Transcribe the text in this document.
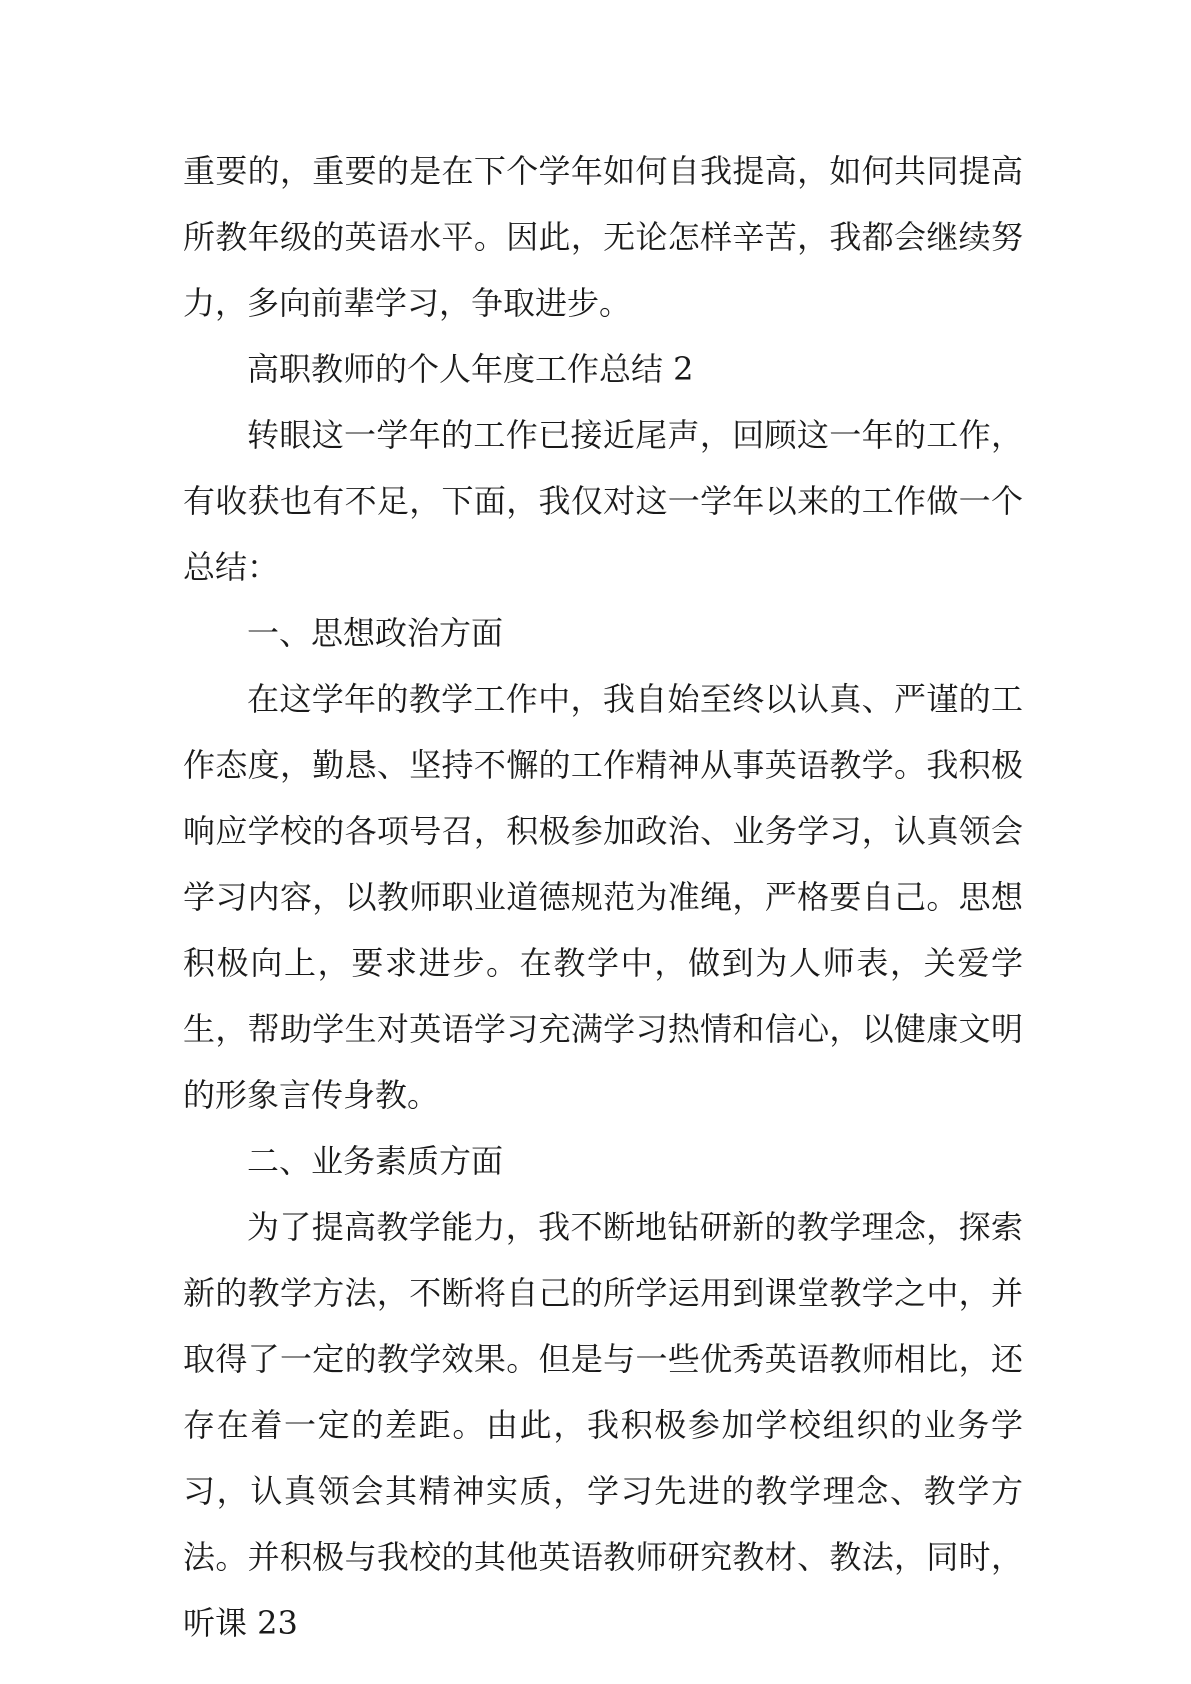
重要的，重要的是在下个学年如何自我提高，如何共同提高所教年级的英语水平。因此，无论怎样辛苦，我都会继续努力，多向前辈学习，争取进步。

高职教师的个人年度工作总结 2

转眼这一学年的工作已接近尾声，回顾这一年的工作，有收获也有不足，下面，我仅对这一学年以来的工作做一个总结：

一、思想政治方面

在这学年的教学工作中，我自始至终以认真、严谨的工作态度，勤恳、坚持不懈的工作精神从事英语教学。我积极响应学校的各项号召，积极参加政治、业务学习，认真领会学习内容，以教师职业道德规范为准绳，严格要自己。思想积极向上，要求进步。在教学中，做到为人师表，关爱学生，帮助学生对英语学习充满学习热情和信心，以健康文明的形象言传身教。

二、业务素质方面

为了提高教学能力，我不断地钻研新的教学理念，探索新的教学方法，不断将自己的所学运用到课堂教学之中，并取得了一定的教学效果。但是与一些优秀英语教师相比，还存在着一定的差距。由此，我积极参加学校组织的业务学习，认真领会其精神实质，学习先进的教学理念、教学方法。并积极与我校的其他英语教师研究教材、教法，同时，听课 23
